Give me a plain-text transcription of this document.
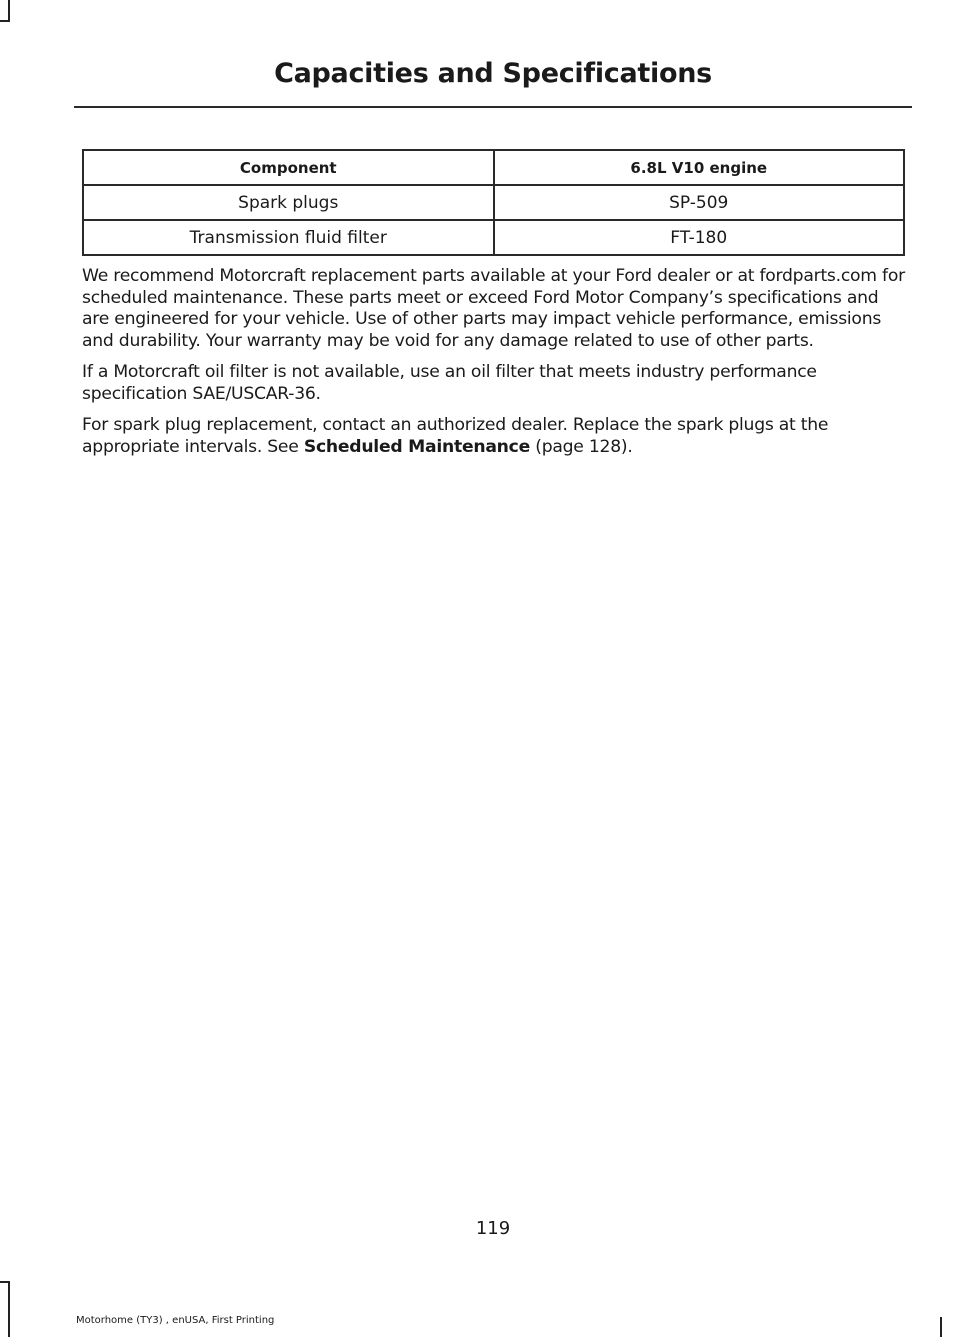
Capacities and Specifications
Component	6.8L V10 engine
Spark plugs	SP-509
Transmission fluid filter	FT-180

We recommend Motorcraft replacement parts available at your Ford dealer or at fordparts.com for scheduled maintenance. These parts meet or exceed Ford Motor Company’s specifications and are engineered for your vehicle. Use of other parts may impact vehicle performance, emissions and durability. Your warranty may be void for any damage related to use of other parts.

If a Motorcraft oil filter is not available, use an oil filter that meets industry performance specification SAE/USCAR-36.

For spark plug replacement, contact an authorized dealer. Replace the spark plugs at the appropriate intervals. See Scheduled Maintenance (page 128).

119
Motorhome (TY3) , enUSA, First Printing
